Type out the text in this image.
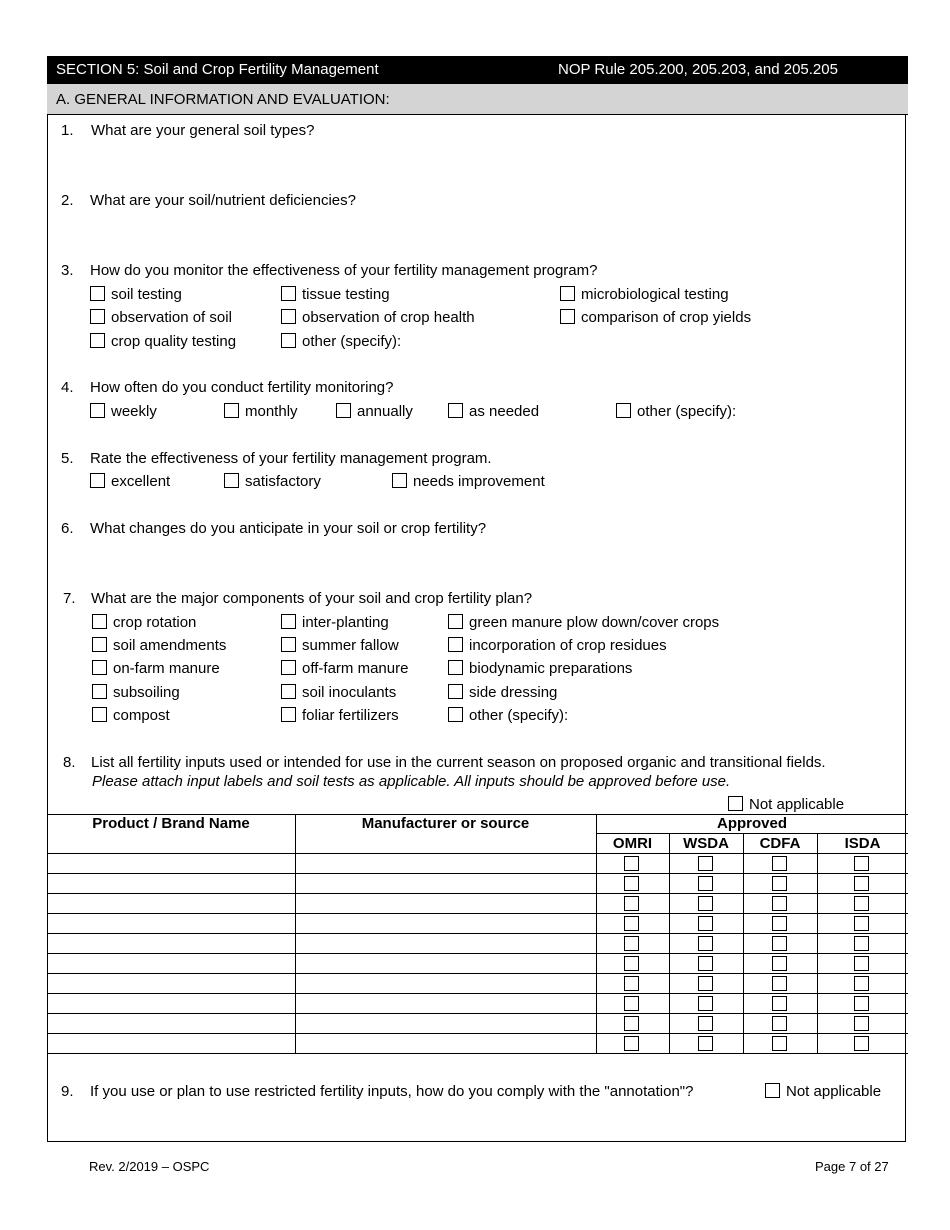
SECTION 5: Soil and Crop Fertility Management	NOP Rule 205.200, 205.203, and 205.205
A. GENERAL INFORMATION AND EVALUATION:
1. What are your general soil types?
2. What are your soil/nutrient deficiencies?
3. How do you monitor the effectiveness of your fertility management program?
soil testing	tissue testing	microbiological testing
observation of soil	observation of crop health	comparison of crop yields
crop quality testing	other (specify):
4. How often do you conduct fertility monitoring?
weekly	monthly	annually	as needed	other (specify):
5. Rate the effectiveness of your fertility management program.
excellent	satisfactory	needs improvement
6. What changes do you anticipate in your soil or crop fertility?
7. What are the major components of your soil and crop fertility plan?
crop rotation	inter-planting	green manure plow down/cover crops
soil amendments	summer fallow	incorporation of crop residues
on-farm manure	off-farm manure	biodynamic preparations
subsoiling	soil inoculants	side dressing
compost	foliar fertilizers	other (specify):
8. List all fertility inputs used or intended for use in the current season on proposed organic and transitional fields.
Please attach input labels and soil tests as applicable. All inputs should be approved before use.
Not applicable
Product / Brand Name	Manufacturer or source	Approved
OMRI	WSDA	CDFA	ISDA
9. If you use or plan to use restricted fertility inputs, how do you comply with the "annotation"?	Not applicable
Rev. 2/2019 – OSPC	Page 7 of 27
